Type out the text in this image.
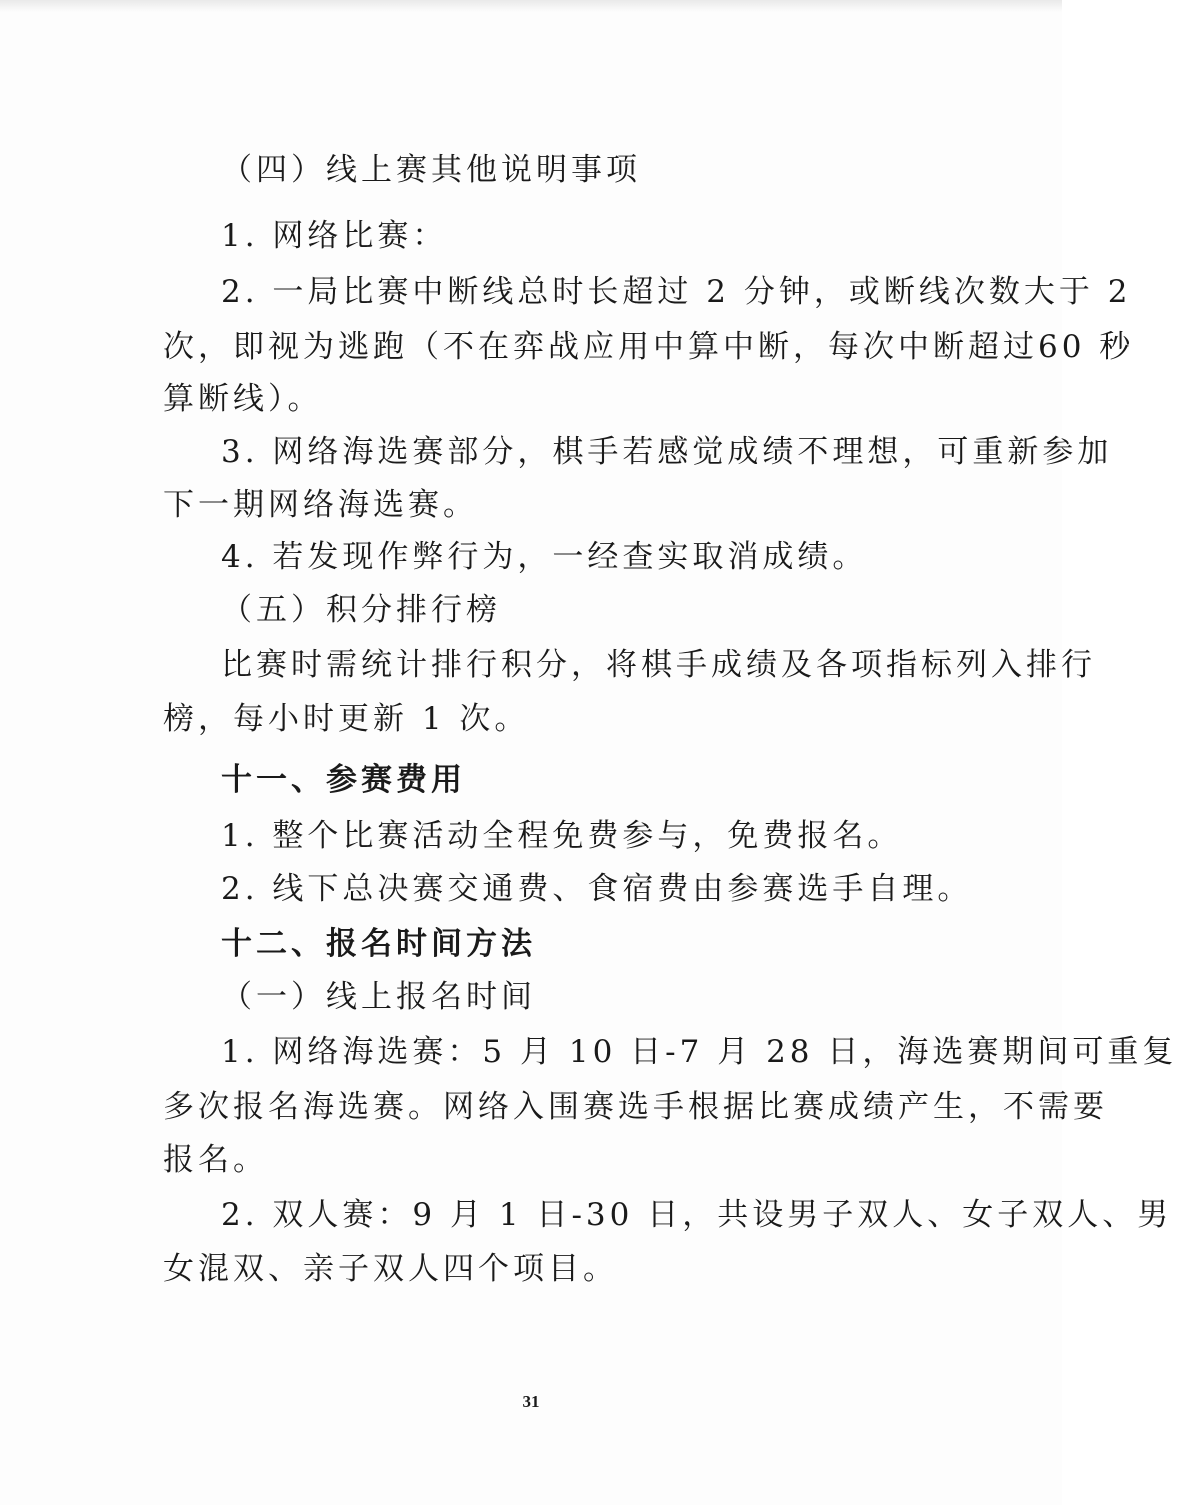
（四）线上赛其他说明事项
1. 网络比赛：
2. 一局比赛中断线总时长超过 2 分钟，或断线次数大于 2
次，即视为逃跑（不在弈战应用中算中断，每次中断超过60 秒
算断线）。
3. 网络海选赛部分，棋手若感觉成绩不理想，可重新参加
下一期网络海选赛。
4. 若发现作弊行为，一经查实取消成绩。
（五）积分排行榜
比赛时需统计排行积分，将棋手成绩及各项指标列入排行
榜，每小时更新 1 次。
十一、参赛费用
1. 整个比赛活动全程免费参与，免费报名。
2. 线下总决赛交通费、食宿费由参赛选手自理。
十二、报名时间方法
（一）线上报名时间
1. 网络海选赛：5 月 10 日-7 月 28 日，海选赛期间可重复
多次报名海选赛。网络入围赛选手根据比赛成绩产生，不需要
报名。
2. 双人赛：9 月 1 日-30 日，共设男子双人、女子双人、男
女混双、亲子双人四个项目。
31
